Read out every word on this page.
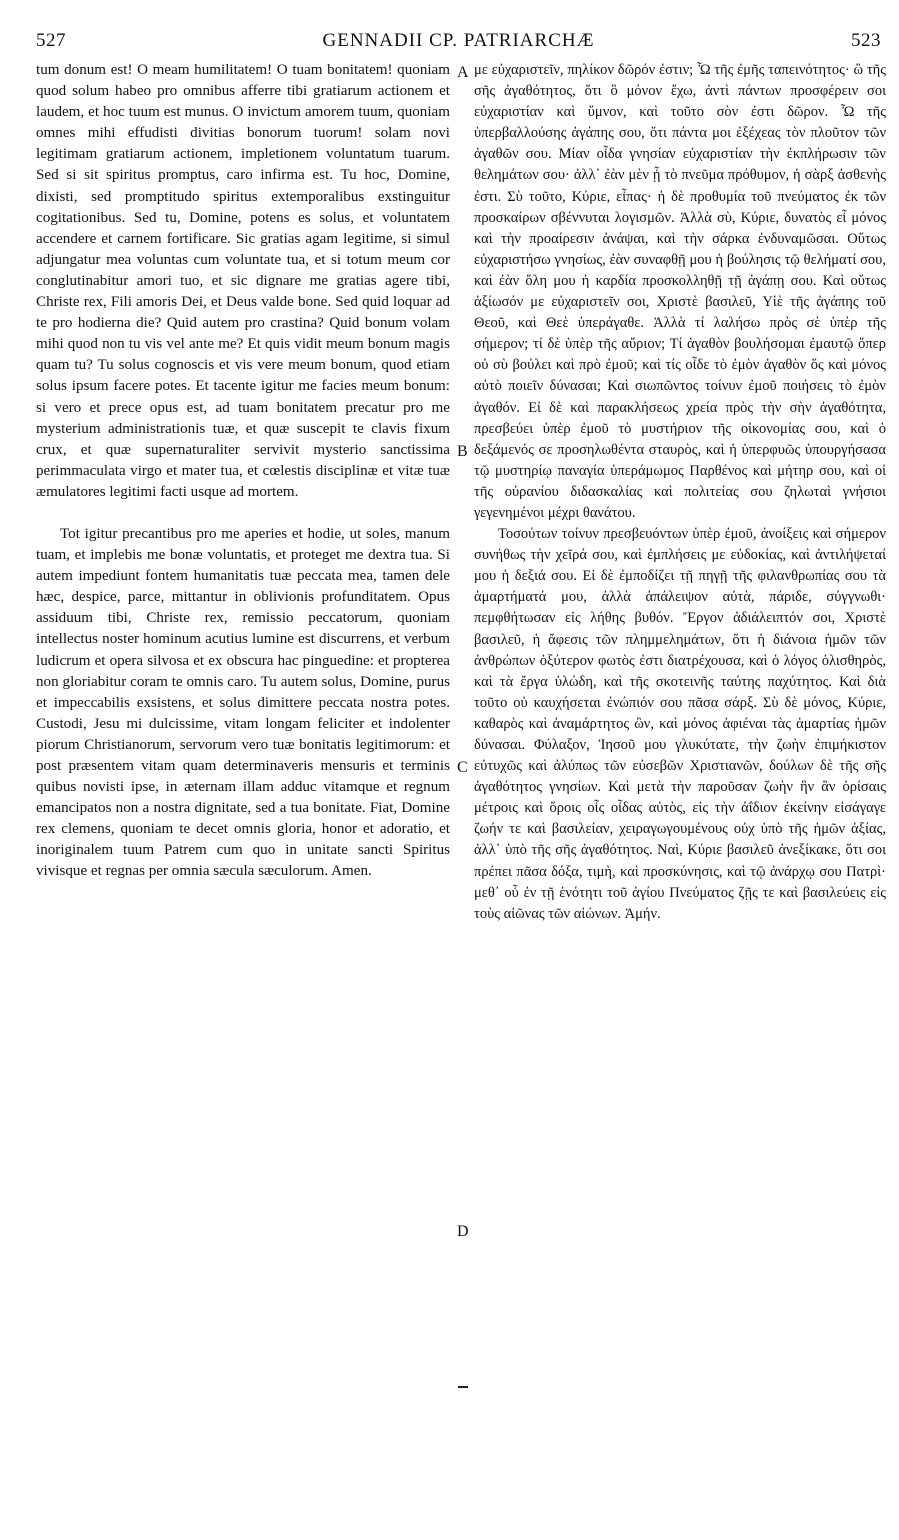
527	GENNADII CP. PATRIARCHÆ	523

tum donum est! O meam humilitatem! O tuam bonitatem! quoniam quod solum habeo pro omnibus afferre tibi gratiarum actionem et laudem, et hoc tuum est munus. O invictum amorem tuum, quoniam omnes mihi effudisti divitias bonorum tuorum! solam novi legitimam gratiarum actionem, impletionem voluntatum tuarum. Sed si sit spiritus promptus, caro infirma est. Tu hoc, Domine, dixisti, sed promptitudo spiritus extemporalibus exstinguitur cogitationibus. Sed tu, Domine, potens es solus, et voluntatem accendere et carnem fortificare. Sic gratias agam legitime, si simul adjungatur mea voluntas cum voluntate tua, et si totum meum cor conglutinabitur amori tuo, et sic dignare me gratias agere tibi, Christe rex, Fili amoris Dei, et Deus valde bone. Sed quid loquar ad te pro hodierna die? Quid autem pro crastina? Quid bonum volam mihi quod non tu vis vel ante me? Et quis vidit meum bonum magis quam tu? Tu solus cognoscis et vis vere meum bonum, quod etiam solus ipsum facere potes. Et tacente igitur me facies meum bonum: si vero et prece opus est, ad tuam bonitatem precatur pro me mysterium administrationis tuæ, et quæ suscepit te clavis fixum crux, et quæ supernaturaliter servivit mysterio sanctissima perimmaculata virgo et mater tua, et cœlestis disciplinæ et vitæ tuæ æmulatores legitimi facti usque ad mortem.

Tot igitur precantibus pro me aperies et hodie, ut soles, manum tuam, et implebis me bonæ voluntatis, et proteget me dextra tua. Si autem impediunt fontem humanitatis tuæ peccata mea, tamen dele hæc, despice, parce, mittantur in oblivionis profunditatem. Opus assiduum tibi, Christe rex, remissio peccatorum, quoniam intellectus noster hominum acutius lumine est discurrens, et verbum ludicrum et opera silvosa et ex obscura hac pinguedine: et propterea non gloriabitur coram te omnis caro. Tu autem solus, Domine, purus et impeccabilis exsistens, et solus dimittere peccata nostra potes. Custodi, Jesu mi dulcissime, vitam longam feliciter et indolenter piorum Christianorum, servorum vero tuæ bonitatis legitimorum: et post præsentem vitam quam determinaveris mensuris et terminis quibus novisti ipse, in æternam illam adduc vitamque et regnum emancipatos non a nostra dignitate, sed a tua bonitate. Fiat, Domine rex clemens, quoniam te decet omnis gloria, honor et adoratio, et inoriginalem tuum Patrem cum quo in unitate sancti Spiritus vivisque et regnas per omnia sæcula sæculorum. Amen.

A
B
C
D

με εὐχαριστεῖν, πηλίκον δῶρόν ἐστιν; Ὦ τῆς ἐμῆς ταπεινότητος· ὢ τῆς σῆς ἀγαθότητος, ὅτι ὃ μόνον ἔχω, ἀντὶ πάντων προσφέρειν σοι εὐχαριστίαν καὶ ὕμνον, καὶ τοῦτο σὸν ἐστι δῶρον. Ὦ τῆς ὑπερβαλλούσης ἀγάπης σου, ὅτι πάντα μοι ἐξέχεας τὸν πλοῦτον τῶν ἀγαθῶν σου. Μίαν οἶδα γνησίαν εὐχαριστίαν τὴν ἐκπλήρωσιν τῶν θελημάτων σου· ἀλλ᾽ ἐὰν μὲν ᾖ τὸ πνεῦμα πρόθυμον, ἡ σὰρξ ἀσθενὴς ἐστι. Σὺ τοῦτο, Κύριε, εἶπας· ἡ δὲ προθυμία τοῦ πνεύματος ἐκ τῶν προσκαίρων σβέννυται λογισμῶν. Ἀλλὰ σὺ, Κύριε, δυνατὸς εἶ μόνος καὶ τὴν προαίρεσιν ἀνάψαι, καὶ τὴν σάρκα ἐνδυναμῶσαι. Οὕτως εὐχαριστήσω γνησίως, ἐὰν συναφθῇ μου ἡ βούλησις τῷ θελήματί σου, καὶ ἐὰν ὅλη μου ἡ καρδία προσκολληθῇ τῇ ἀγάπῃ σου. Καὶ οὕτως ἀξίωσόν με εὐχαριστεῖν σοι, Χριστὲ βασιλεῦ, Υἱὲ τῆς ἀγάπης τοῦ Θεοῦ, καὶ Θεὲ ὑπεράγαθε. Ἀλλὰ τί λαλήσω πρὸς σὲ ὑπὲρ τῆς σήμερον; τί δὲ ὑπὲρ τῆς αὔριον; Τί ἀγαθὸν βουλήσομαι ἐμαυτῷ ὅπερ οὐ σὺ βούλει καὶ πρὸ ἐμοῦ; καὶ τίς οἶδε τὸ ἐμὸν ἀγαθὸν ὅς καὶ μόνος αὐτὸ ποιεῖν δύνασαι; Καὶ σιωπῶντος τοίνυν ἐμοῦ ποιήσεις τὸ ἐμὸν ἀγαθόν. Εἰ δὲ καὶ παρακλήσεως χρεία πρὸς τὴν σὴν ἀγαθότητα, πρεσβεύει ὑπὲρ ἐμοῦ τὸ μυστήριον τῆς οἰκονομίας σου, καὶ ὁ δεξάμενός σε προσηλωθέντα σταυρὸς, καὶ ἡ ὑπερφυῶς ὑπουργήσασα τῷ μυστηρίῳ παναγία ὑπεράμωμος Παρθένος καὶ μήτηρ σου, καὶ οἱ τῆς οὐρανίου διδασκαλίας καὶ πολιτείας σου ζηλωταὶ γνήσιοι γεγενημένοι μέχρι θανάτου.

Τοσούτων τοίνυν πρεσβευόντων ὑπὲρ ἐμοῦ, ἀνοίξεις καὶ σήμερον συνήθως τὴν χεῖρά σου, καὶ ἐμπλήσεις με εὐδοκίας, καὶ ἀντιλήψεταί μου ἡ δεξιά σου. Εἰ δὲ ἐμποδίζει τῇ πηγῇ τῆς φιλανθρωπίας σου τὰ ἁμαρτήματά μου, ἀλλὰ ἀπάλειψον αὐτὰ, πάριδε, σύγγνωθι· πεμφθήτωσαν εἰς λήθης βυθόν. Ἔργον ἀδιάλειπτόν σοι, Χριστὲ βασιλεῦ, ἡ ἄφεσις τῶν πλημμελημάτων, ὅτι ἡ διάνοια ἡμῶν τῶν ἀνθρώπων ὀξύτερον φωτὸς ἐστι διατρέχουσα, καὶ ὁ λόγος ὀλισθηρὸς, καὶ τὰ ἔργα ὑλώδη, καὶ τῆς σκοτεινῆς ταύτης παχύτητος. Καὶ διὰ τοῦτο οὐ καυχήσεται ἐνώπιόν σου πᾶσα σάρξ. Σὺ δὲ μόνος, Κύριε, καθαρὸς καὶ ἀναμάρτητος ὢν, καὶ μόνος ἀφιέναι τὰς ἁμαρτίας ἡμῶν δύνασαι. Φύλαξον, Ἰησοῦ μου γλυκύτατε, τὴν ζωὴν ἐπιμήκιστον εὐτυχῶς καὶ ἀλύπως τῶν εὐσεβῶν Χριστιανῶν, δούλων δὲ τῆς σῆς ἀγαθότητος γνησίων. Καὶ μετὰ τὴν παροῦσαν ζωὴν ἣν ἂν ὁρίσαις μέτροις καὶ ὅροις οἷς οἶδας αὐτὸς, εἰς τὴν ἀΐδιον ἐκείνην εἰσάγαγε ζωήν τε καὶ βασιλείαν, χειραγωγουμένους οὐχ ὑπὸ τῆς ἡμῶν ἀξίας, ἀλλ᾽ ὑπὸ τῆς σῆς ἀγαθότητος. Ναὶ, Κύριε βασιλεῦ ἀνεξίκακε, ὅτι σοι πρέπει πᾶσα δόξα, τιμὴ, καὶ προσκύνησις, καὶ τῷ ἀνάρχῳ σου Πατρὶ· μεθ᾽ οὗ ἐν τῇ ἑνότητι τοῦ ἁγίου Πνεύματος ζῇς τε καὶ βασιλεύεις εἰς τοὺς αἰῶνας τῶν αἰώνων. Ἀμήν.
